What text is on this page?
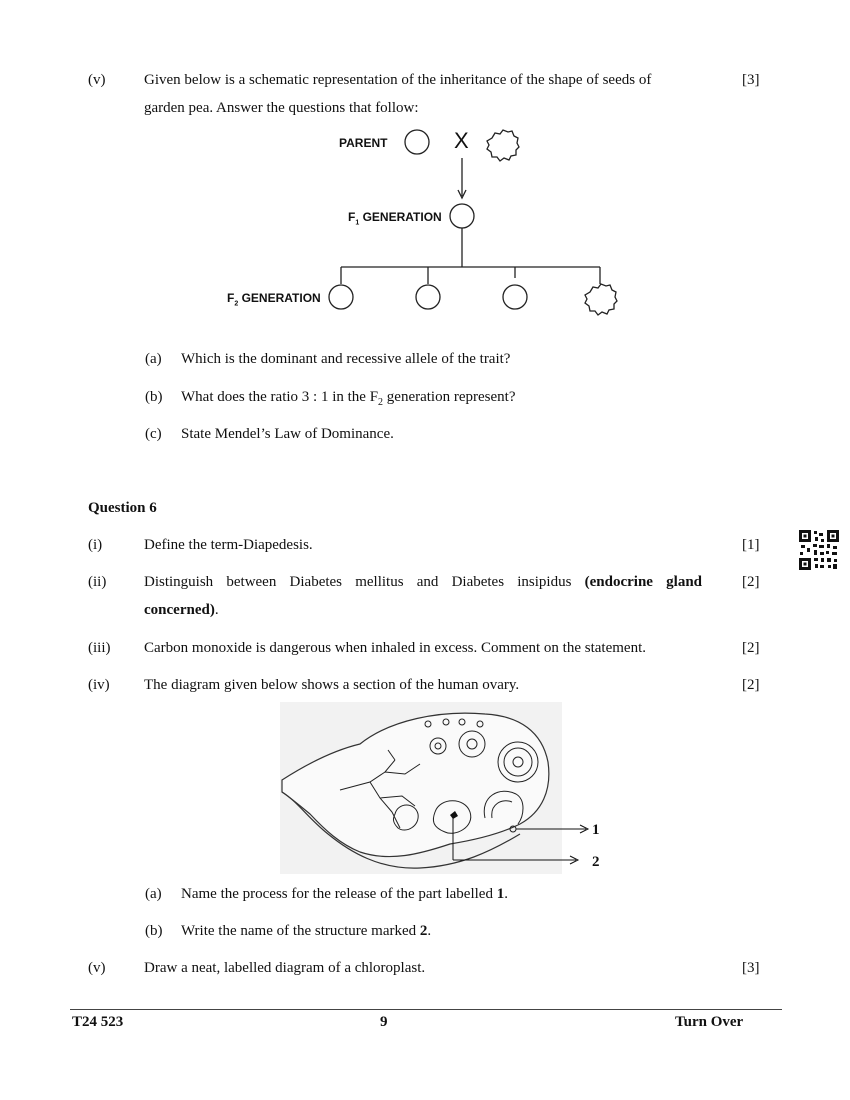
(v)	Given below is a schematic representation of the inheritance of the shape of seeds of
garden pea. Answer the questions that follow:
[3]
PARENT
$F_1$ GENERATION
$F_2$ GENERATION
X
(a) Which is the dominant and recessive allele of the trait?
(b) What does the ratio 3 : 1 in the $F_2$ generation represent?
(c) State Mendel’s Law of Dominance.
Question 6
(i)	Define the term-Diapedesis.	[1]
(ii)	Distinguish between Diabetes mellitus and Diabetes insipidus (endocrine gland
concerned).
[2]
(iii) Carbon monoxide is dangerous when inhaled in excess. Comment on the statement.	[2]
(iv) The diagram given below shows a section of the human ovary.	[2]
1
2
(a) Name the process for the release of the part labelled 1.
(b) Write the name of the structure marked 2.
(v)	Draw a neat, labelled diagram of a chloroplast.	[3]
T24 523	9	Turn Over
